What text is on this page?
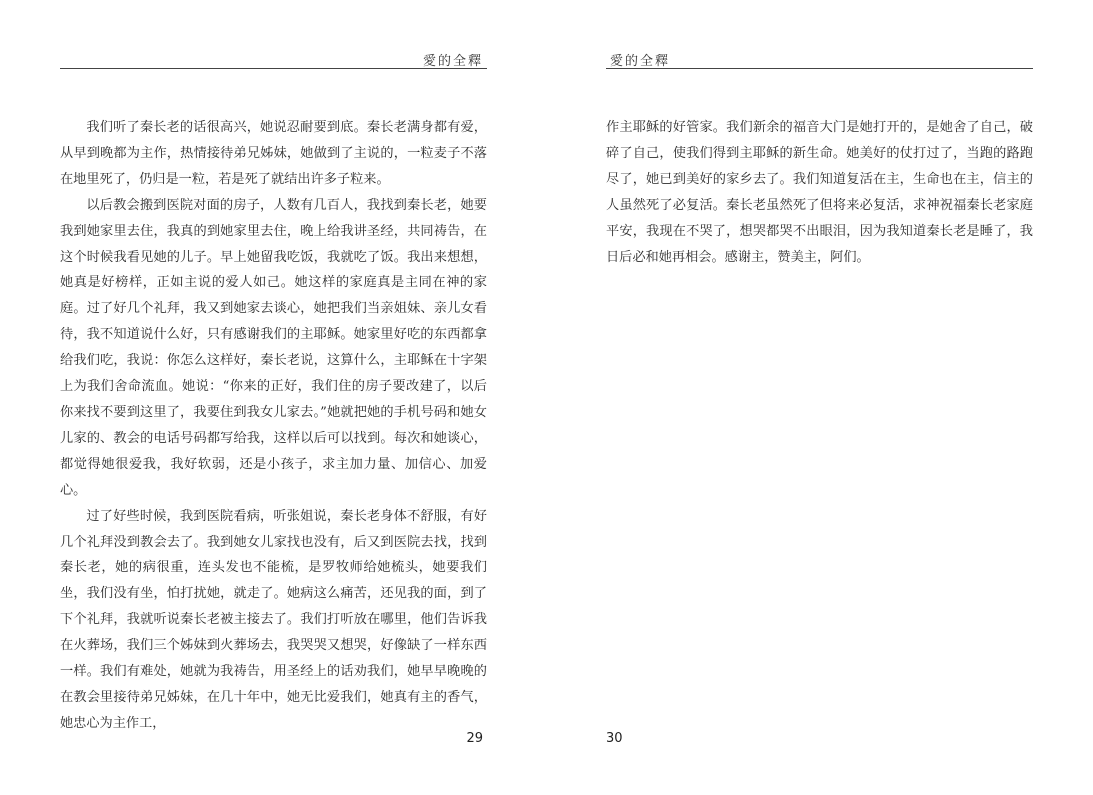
愛的全釋

我们听了秦长老的话很高兴，她说忍耐要到底。秦长老满身都有爱，从早到晚都为主作，热情接待弟兄姊妹，她做到了主说的，一粒麦子不落在地里死了，仍归是一粒，若是死了就结出许多子粒来。

以后教会搬到医院对面的房子，人数有几百人，我找到秦长老，她要我到她家里去住，我真的到她家里去住，晚上给我讲圣经，共同祷告，在这个时候我看见她的儿子。早上她留我吃饭，我就吃了饭。我出来想想，她真是好榜样，正如主说的爱人如己。她这样的家庭真是主同在神的家庭。过了好几个礼拜，我又到她家去谈心，她把我们当亲姐妹、亲儿女看待，我不知道说什么好，只有感谢我们的主耶稣。她家里好吃的东西都拿给我们吃，我说：你怎么这样好，秦长老说，这算什么，主耶稣在十字架上为我们舍命流血。她说：“你来的正好，我们住的房子要改建了，以后你来找不要到这里了，我要住到我女儿家去。”她就把她的手机号码和她女儿家的、教会的电话号码都写给我，这样以后可以找到。每次和她谈心，都觉得她很爱我，我好软弱，还是小孩子，求主加力量、加信心、加爱心。

过了好些时候，我到医院看病，听张姐说，秦长老身体不舒服，有好几个礼拜没到教会去了。我到她女儿家找也没有，后又到医院去找，找到秦长老，她的病很重，连头发也不能梳，是罗牧师给她梳头，她要我们坐，我们没有坐，怕打扰她，就走了。她病这么痛苦，还见我的面，到了下个礼拜，我就听说秦长老被主接去了。我们打听放在哪里，他们告诉我在火葬场，我们三个姊妹到火葬场去，我哭哭又想哭，好像缺了一样东西一样。我们有难处，她就为我祷告，用圣经上的话劝我们，她早早晚晚的在教会里接待弟兄姊妹，在几十年中，她无比爱我们，她真有主的香气，她忠心为主作工，

29
愛的全釋

作主耶稣的好管家。我们新余的福音大门是她打开的，是她舍了自己，破碎了自己，使我们得到主耶稣的新生命。她美好的仗打过了，当跑的路跑尽了，她已到美好的家乡去了。我们知道复活在主，生命也在主，信主的人虽然死了必复活。秦长老虽然死了但将来必复活，求神祝福秦长老家庭平安，我现在不哭了，想哭都哭不出眼泪，因为我知道秦长老是睡了，我日后必和她再相会。感谢主，赞美主，阿们。

30
